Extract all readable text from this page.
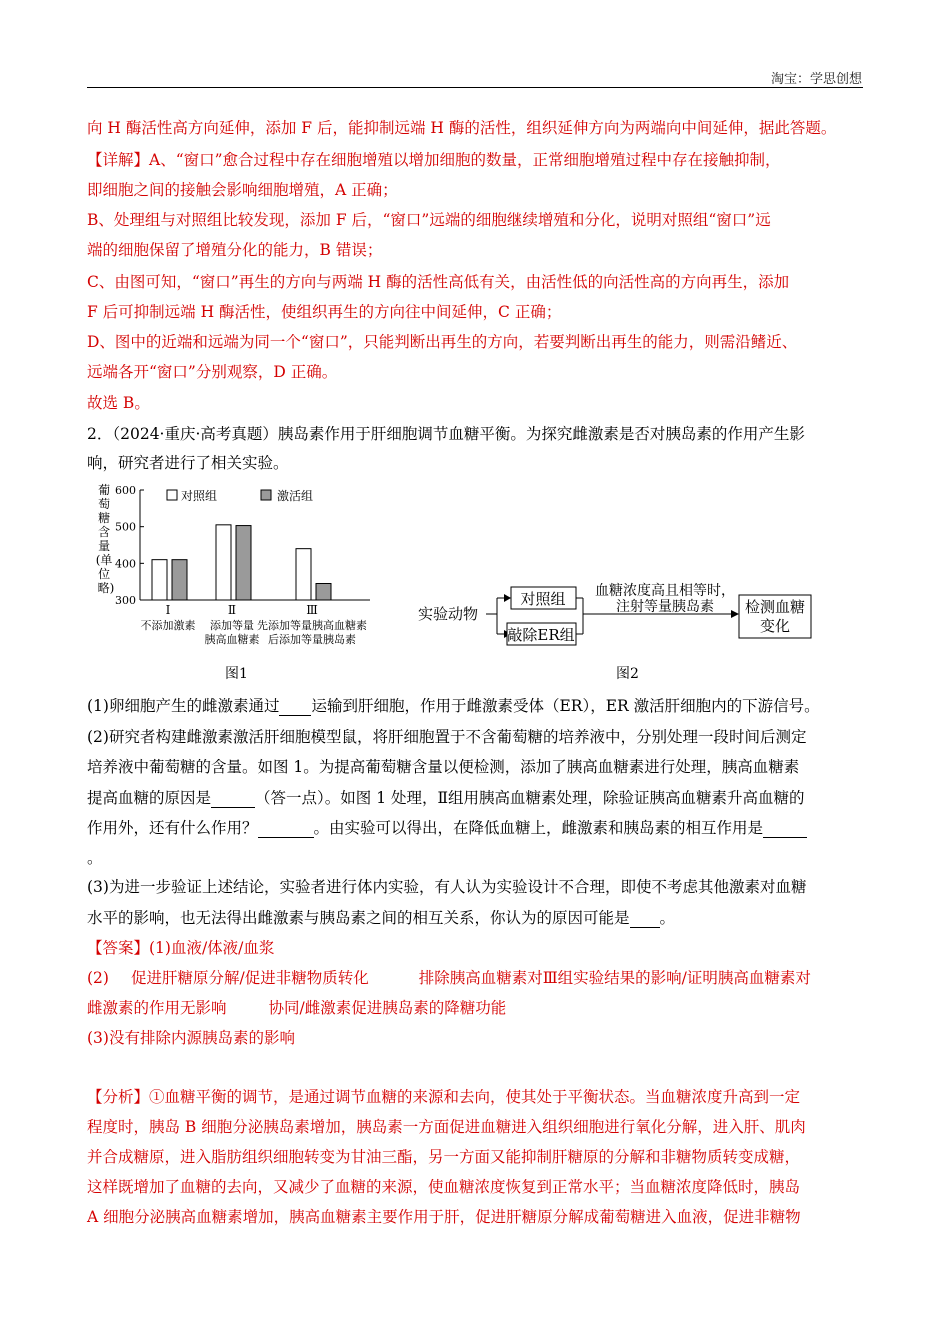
淘宝：学思创想
向 H 酶活性高方向延伸，添加 F 后，能抑制远端 H 酶的活性，组织延伸方向为两端向中间延伸，据此答题。
【详解】A、“窗口”愈合过程中存在细胞增殖以增加细胞的数量，正常细胞增殖过程中存在接触抑制，
即细胞之间的接触会影响细胞增殖，A 正确；
B、处理组与对照组比较发现，添加 F 后，“窗口”远端的细胞继续增殖和分化，说明对照组“窗口”远
端的细胞保留了增殖分化的能力，B 错误；
C、由图可知，“窗口”再生的方向与两端 H 酶的活性高低有关，由活性低的向活性高的方向再生，添加
F 后可抑制远端 H 酶活性，使组织再生的方向往中间延伸，C 正确；
D、图中的近端和远端为同一个“窗口”，只能判断出再生的方向，若要判断出再生的能力，则需沿鳍近、
远端各开“窗口”分别观察，D 正确。
故选 B。
2．（2024·重庆·高考真题）胰岛素作用于肝细胞调节血糖平衡。为探究雌激素是否对胰岛素的作用产生影
响，研究者进行了相关实验。
葡 萄 糖 含 量 (单 位 略)
600
500
400
300
Ⅰ
不添加激素
Ⅱ
添加等量
胰高血糖素
Ⅲ
先添加等量胰高血糖素
后添加等量胰岛素
对照组	激活组
图1
实验动物
对照组
敲除ER组
血糖浓度高且相等时，
注射等量胰岛素 检测血糖
变化
图2
(1)卵细胞产生的雌激素通过 运输到肝细胞，作用于雌激素受体（ER），ER 激活肝细胞内的下游信号。
(2)研究者构建雌激素激活肝细胞模型鼠，将肝细胞置于不含葡萄糖的培养液中，分别处理一段时间后测定
培养液中葡萄糖的含量。如图 1。为提高葡萄糖含量以便检测，添加了胰高血糖素进行处理，胰高血糖素
提高血糖的原因是	（答一点）。如图 1 处理，Ⅱ组用胰高血糖素处理，除验证胰高血糖素升高血糖的
作用外，还有什么作用？	。由实验可以得出，在降低血糖上，雌激素和胰岛素的相互作用是
。
(3)为进一步验证上述结论，实验者进行体内实验，有人认为实验设计不合理，即使不考虑其他激素对血糖
水平的影响，也无法得出雌激素与胰岛素之间的相互关系，你认为的原因可能是 。
【答案】(1)血液/体液/血浆
(2) 促进肝糖原分解/促进非糖物质转化	排除胰高血糖素对Ⅲ组实验结果的影响/证明胰高血糖素对
雌激素的作用无影响	协同/雌激素促进胰岛素的降糖功能
(3)没有排除内源胰岛素的影响
【分析】①血糖平衡的调节，是通过调节血糖的来源和去向，使其处于平衡状态。当血糖浓度升高到一定
程度时，胰岛 B 细胞分泌胰岛素增加，胰岛素一方面促进血糖进入组织细胞进行氧化分解，进入肝、肌肉
并合成糖原，进入脂肪组织细胞转变为甘油三酯，另一方面又能抑制肝糖原的分解和非糖物质转变成糖，
这样既增加了血糖的去向，又减少了血糖的来源，使血糖浓度恢复到正常水平；当血糖浓度降低时，胰岛
A 细胞分泌胰高血糖素增加，胰高血糖素主要作用于肝，促进肝糖原分解成葡萄糖进入血液，促进非糖物
